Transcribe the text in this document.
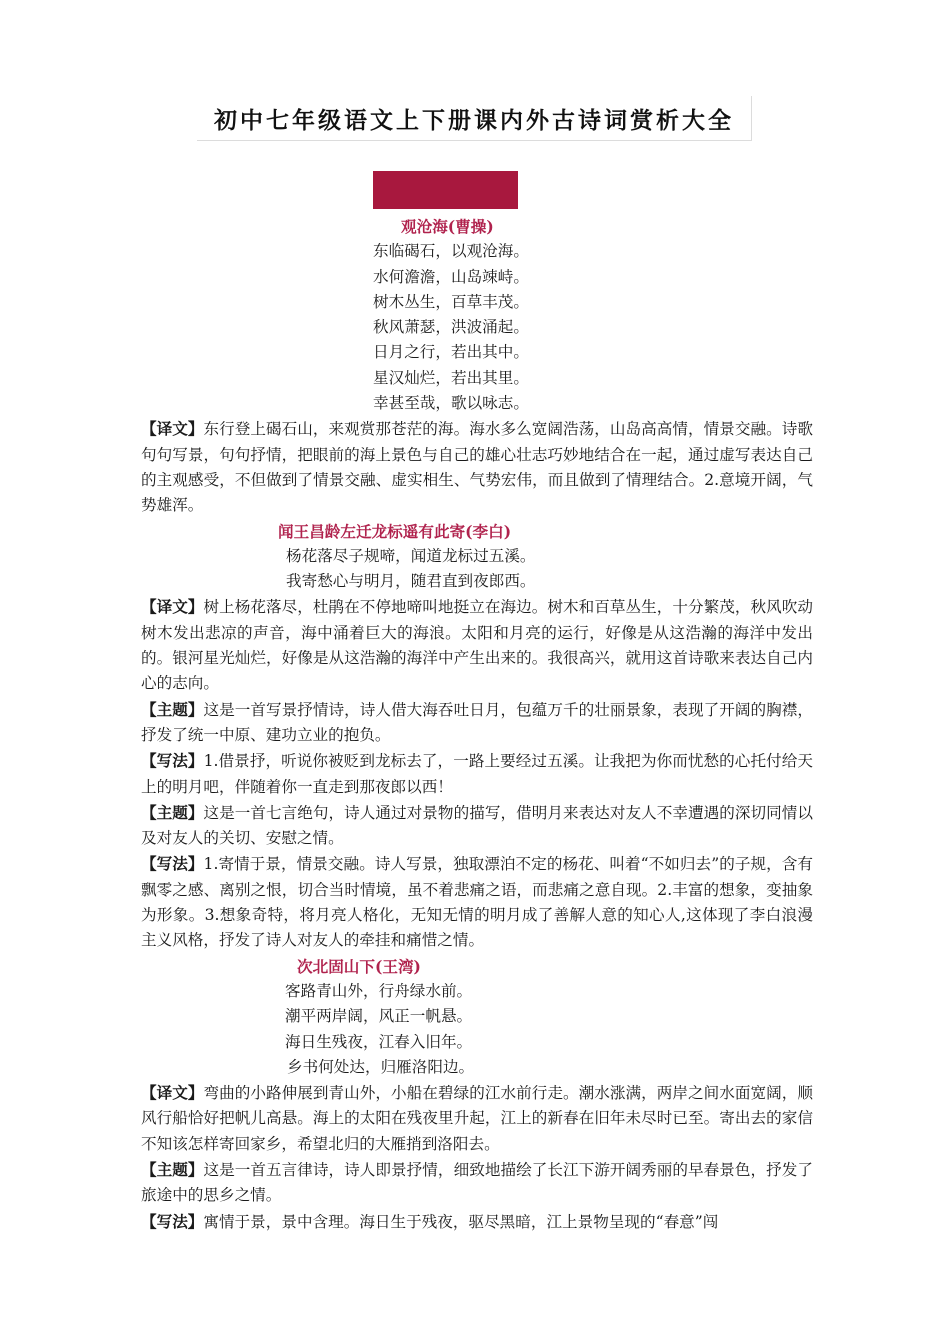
初中七年级语文上下册课内外古诗词赏析大全
观沧海(曹操)
东临碣石，以观沧海。
水何澹澹，山岛竦峙。
树木丛生，百草丰茂。
秋风萧瑟，洪波涌起。
日月之行，若出其中。
星汉灿烂，若出其里。
幸甚至哉，歌以咏志。

【译文】东行登上碣石山，来观赏那苍茫的海。海水多么宽阔浩荡，山岛高高情，情景交融。诗歌句句写景，句句抒情，把眼前的海上景色与自己的雄心壮志巧妙地结合在一起，通过虚写表达自己的主观感受，不但做到了情景交融、虚实相生、气势宏伟，而且做到了情理结合。2.意境开阔，气势雄浑。

闻王昌龄左迁龙标遥有此寄(李白)
杨花落尽子规啼，闻道龙标过五溪。
我寄愁心与明月，随君直到夜郎西。

【译文】树上杨花落尽，杜鹃在不停地啼叫地挺立在海边。树木和百草丛生，十分繁茂，秋风吹动树木发出悲凉的声音，海中涌着巨大的海浪。太阳和月亮的运行，好像是从这浩瀚的海洋中发出的。银河星光灿烂，好像是从这浩瀚的海洋中产生出来的。我很高兴，就用这首诗歌来表达自己内心的志向。

【主题】这是一首写景抒情诗，诗人借大海吞吐日月，包蕴万千的壮丽景象，表现了开阔的胸襟，抒发了统一中原、建功立业的抱负。

【写法】1.借景抒，听说你被贬到龙标去了，一路上要经过五溪。让我把为你而忧愁的心托付给天上的明月吧，伴随着你一直走到那夜郎以西！

【主题】这是一首七言绝句，诗人通过对景物的描写，借明月来表达对友人不幸遭遇的深切同情以及对友人的关切、安慰之情。

【写法】1.寄情于景，情景交融。诗人写景，独取漂泊不定的杨花、叫着“不如归去”的子规，含有飘零之感、离别之恨，切合当时情境，虽不着悲痛之语，而悲痛之意自现。2.丰富的想象，变抽象为形象。3.想象奇特，将月亮人格化，无知无情的明月成了善解人意的知心人,这体现了李白浪漫主义风格，抒发了诗人对友人的牵挂和痛惜之情。

次北固山下(王湾)
客路青山外，行舟绿水前。
潮平两岸阔，风正一帆悬。
海日生残夜，江春入旧年。
乡书何处达，归雁洛阳边。

【译文】弯曲的小路伸展到青山外，小船在碧绿的江水前行走。潮水涨满，两岸之间水面宽阔，顺风行船恰好把帆儿高悬。海上的太阳在残夜里升起，江上的新春在旧年未尽时已至。寄出去的家信不知该怎样寄回家乡，希望北归的大雁捎到洛阳去。

【主题】这是一首五言律诗，诗人即景抒情，细致地描绘了长江下游开阔秀丽的早春景色，抒发了旅途中的思乡之情。

【写法】寓情于景，景中含理。海日生于残夜，驱尽黑暗，江上景物呈现的“春意”闯
